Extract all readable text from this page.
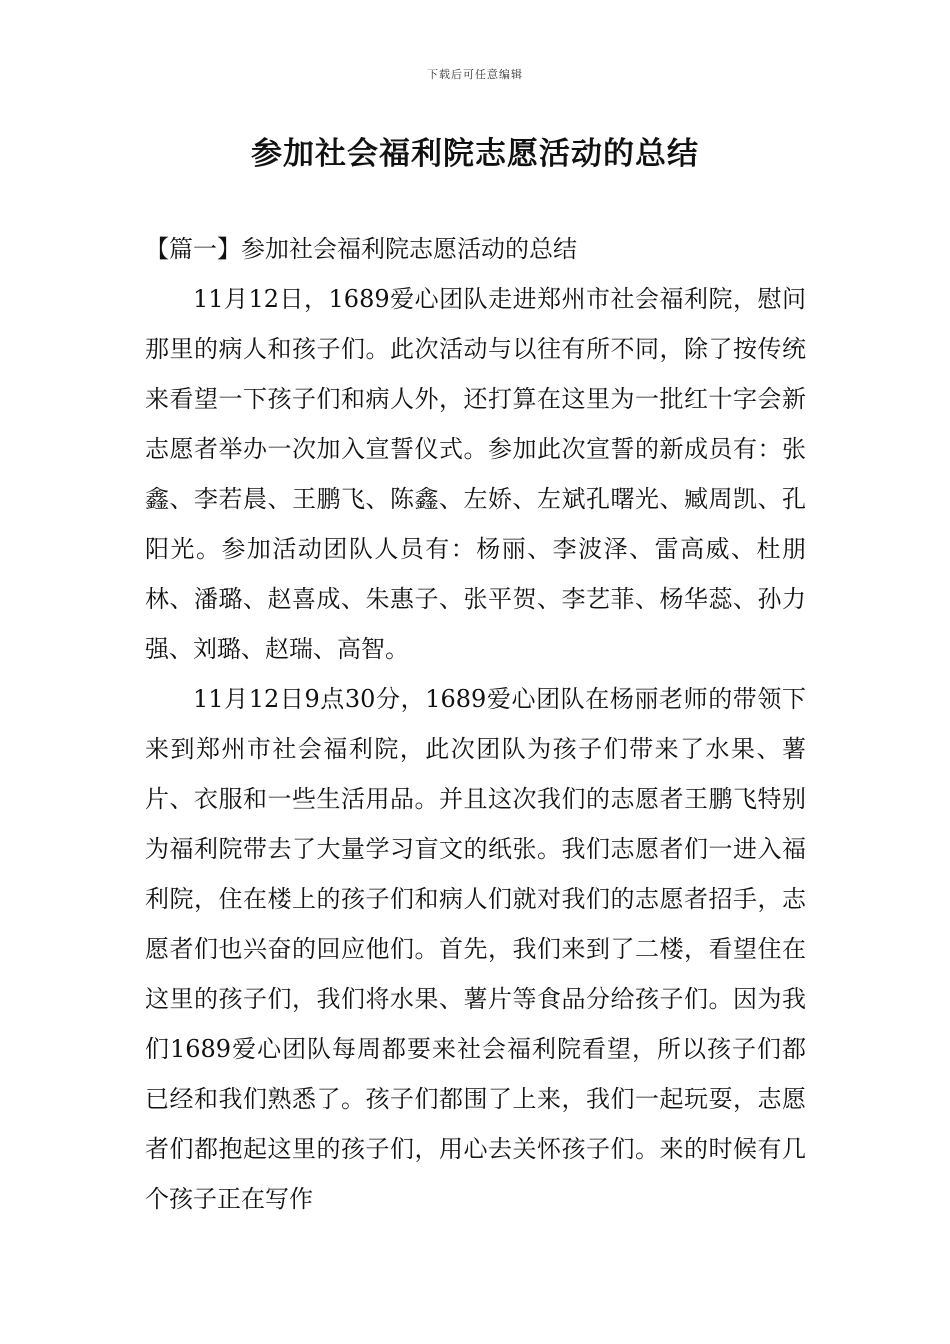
下载后可任意编辑
参加社会福利院志愿活动的总结

【篇一】参加社会福利院志愿活动的总结

11月12日，1689爱心团队走进郑州市社会福利院，慰问那里的病人和孩子们。此次活动与以往有所不同，除了按传统来看望一下孩子们和病人外，还打算在这里为一批红十字会新志愿者举办一次加入宣誓仪式。参加此次宣誓的新成员有：张鑫、李若晨、王鹏飞、陈鑫、左娇、左斌孔曙光、臧周凯、孔阳光。参加活动团队人员有：杨丽、李波泽、雷高威、杜朋林、潘璐、赵喜成、朱惠子、张平贺、李艺菲、杨华蕊、孙力强、刘璐、赵瑞、高智。

11月12日9点30分，1689爱心团队在杨丽老师的带领下来到郑州市社会福利院，此次团队为孩子们带来了水果、薯片、衣服和一些生活用品。并且这次我们的志愿者王鹏飞特别为福利院带去了大量学习盲文的纸张。我们志愿者们一进入福利院，住在楼上的孩子们和病人们就对我们的志愿者招手，志愿者们也兴奋的回应他们。首先，我们来到了二楼，看望住在这里的孩子们，我们将水果、薯片等食品分给孩子们。因为我们1689爱心团队每周都要来社会福利院看望，所以孩子们都已经和我们熟悉了。孩子们都围了上来，我们一起玩耍，志愿者们都抱起这里的孩子们，用心去关怀孩子们。来的时候有几个孩子正在写作
